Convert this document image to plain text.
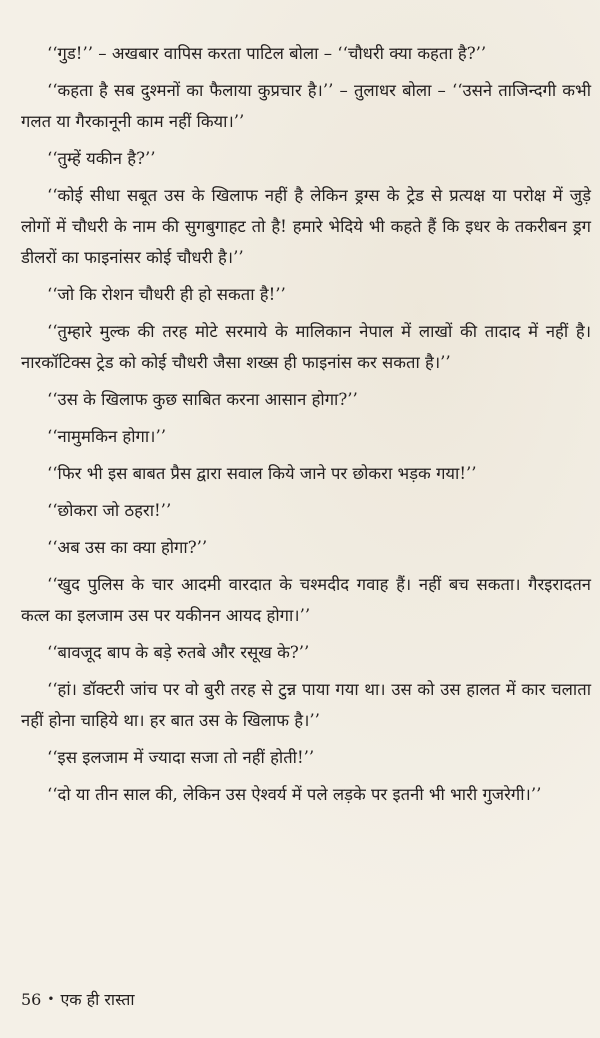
‘‘गुड!’’ – अखबार वापिस करता पाटिल बोला – ‘‘चौधरी क्या कहता है?’’

‘‘कहता है सब दुश्मनों का फैलाया कुप्रचार है।’’ – तुलाधर बोला – ‘‘उसने ताजिन्दगी कभी गलत या गैरकानूनी काम नहीं किया।’’

‘‘तुम्हें यकीन है?’’

‘‘कोई सीधा सबूत उस के खिलाफ नहीं है लेकिन ड्रग्स के ट्रेड से प्रत्यक्ष या परोक्ष में जुड़े लोगों में चौधरी के नाम की सुगबुगाहट तो है! हमारे भेदिये भी कहते हैं कि इधर के तकरीबन ड्रग डीलरों का फाइनांसर कोई चौधरी है।’’

‘‘जो कि रोशन चौधरी ही हो सकता है!’’

‘‘तुम्हारे मुल्क की तरह मोटे सरमाये के मालिकान नेपाल में लाखों की तादाद में नहीं है। नारकॉटिक्स ट्रेड को कोई चौधरी जैसा शख्स ही फाइनांस कर सकता है।’’

‘‘उस के खिलाफ कुछ साबित करना आसान होगा?’’

‘‘नामुमकिन होगा।’’

‘‘फिर भी इस बाबत प्रैस द्वारा सवाल किये जाने पर छोकरा भड़क गया!’’

‘‘छोकरा जो ठहरा!’’

‘‘अब उस का क्या होगा?’’

‘‘खुद पुलिस के चार आदमी वारदात के चश्मदीद गवाह हैं। नहीं बच सकता। गैरइरादतन कत्ल का इलजाम उस पर यकीनन आयद होगा।’’

‘‘बावजूद बाप के बड़े रुतबे और रसूख के?’’

‘‘हां। डॉक्टरी जांच पर वो बुरी तरह से टुन्न पाया गया था। उस को उस हालत में कार चलाता नहीं होना चाहिये था। हर बात उस के खिलाफ है।’’

‘‘इस इलजाम में ज्यादा सजा तो नहीं होती!’’

‘‘दो या तीन साल की, लेकिन उस ऐश्वर्य में पले लड़के पर इतनी भी भारी गुजरेगी।’’

56 • एक ही रास्ता
